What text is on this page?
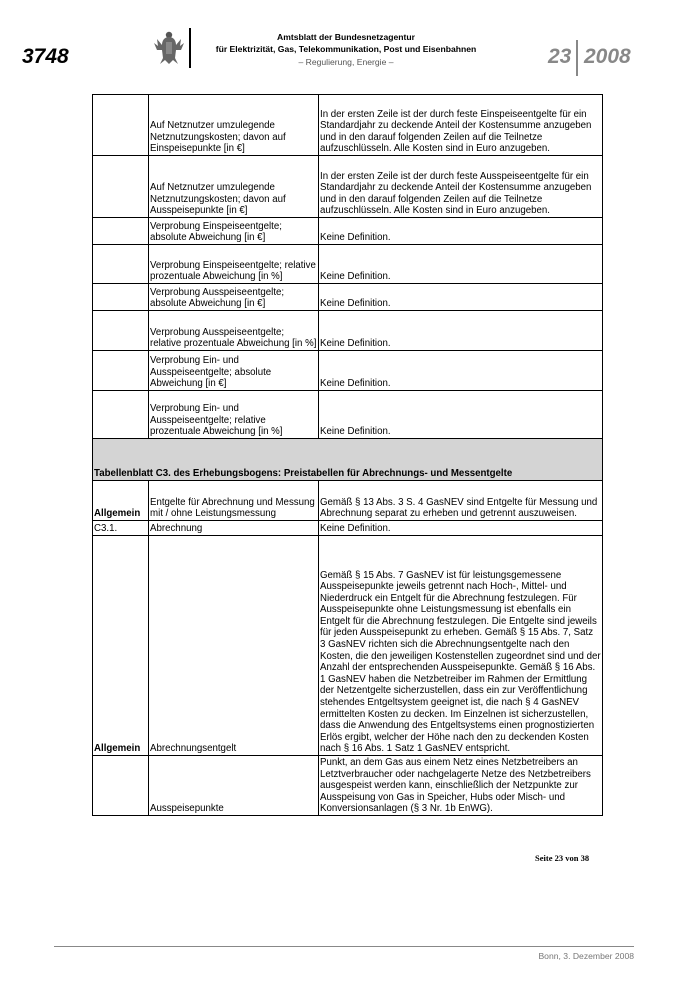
3748
Amtsblatt der Bundesnetzagentur
für Elektrizität, Gas, Telekommunikation, Post und Eisenbahnen
– Regulierung, Energie –	23 2008
	Auf Netznutzer umzulegende Netznutzungskosten; davon auf Einspeisepunkte [in €]	In der ersten Zeile ist der durch feste Einspeiseentgelte für ein Standardjahr zu deckende Anteil der Kostensumme anzugeben und in den darauf folgenden Zeilen auf die Teilnetze aufzuschlüsseln. Alle Kosten sind in Euro anzugeben.
	Auf Netznutzer umzulegende Netznutzungskosten; davon auf Ausspeisepunkte [in €]	In der ersten Zeile ist der durch feste Ausspeiseentgelte für ein Standardjahr zu deckende Anteil der Kostensumme anzugeben und in den darauf folgenden Zeilen auf die Teilnetze aufzuschlüsseln. Alle Kosten sind in Euro anzugeben.
	Verprobung Einspeiseentgelte; absolute Abweichung [in €]	Keine Definition.
	Verprobung Einspeiseentgelte; relative prozentuale Abweichung [in %]	Keine Definition.
	Verprobung Ausspeiseentgelte; absolute Abweichung [in €]	Keine Definition.
	Verprobung Ausspeiseentgelte; relative prozentuale Abweichung [in %]	Keine Definition.
	Verprobung Ein- und Ausspeiseentgelte; absolute Abweichung [in €]	Keine Definition.
	Verprobung Ein- und Ausspeiseentgelte; relative prozentuale Abweichung [in %]	Keine Definition.
Tabellenblatt C3. des Erhebungsbogens: Preistabellen für Abrechnungs- und Messentgelte		
Allgemein	Entgelte für Abrechnung und Messung mit / ohne Leistungsmessung	Gemäß § 13 Abs. 3 S. 4 GasNEV sind Entgelte für Messung und Abrechnung separat zu erheben und getrennt auszuweisen.
C3.1.	Abrechnung	Keine Definition.
Allgemein	Abrechnungsentgelt	Gemäß § 15 Abs. 7 GasNEV ist für leistungsgemessene Ausspeisepunkte jeweils getrennt nach Hoch-, Mittel- und Niederdruck ein Entgelt für die Abrechnung festzulegen. Für Ausspeisepunkte ohne Leistungsmessung ist ebenfalls ein Entgelt für die Abrechnung festzulegen. Die Entgelte sind jeweils für jeden Ausspeisepunkt zu erheben. Gemäß § 15 Abs. 7, Satz 3 GasNEV richten sich die Abrechnungsentgelte nach den Kosten, die den jeweiligen Kostenstellen zugeordnet sind und der Anzahl der entsprechenden Ausspeisepunkte. Gemäß § 16 Abs. 1 GasNEV haben die Netzbetreiber im Rahmen der Ermittlung der Netzentgelte sicherzustellen, dass ein zur Veröffentlichung stehendes Entgeltsystem geeignet ist, die nach § 4 GasNEV ermittelten Kosten zu decken. Im Einzelnen ist sicherzustellen, dass die Anwendung des Entgeltsystems einen prognostizierten Erlös ergibt, welcher der Höhe nach den zu deckenden Kosten nach § 16 Abs. 1 Satz 1 GasNEV entspricht.
	Ausspeisepunkte	Punkt, an dem Gas aus einem Netz eines Netzbetreibers an Letztverbraucher oder nachgelagerte Netze des Netzbetreibers ausgespeist werden kann, einschließlich der Netzpunkte zur Ausspeisung von Gas in Speicher, Hubs oder Misch- und Konversionsanlagen (§ 3 Nr. 1b EnWG).
Seite 23 von 38
Bonn, 3. Dezember 2008
